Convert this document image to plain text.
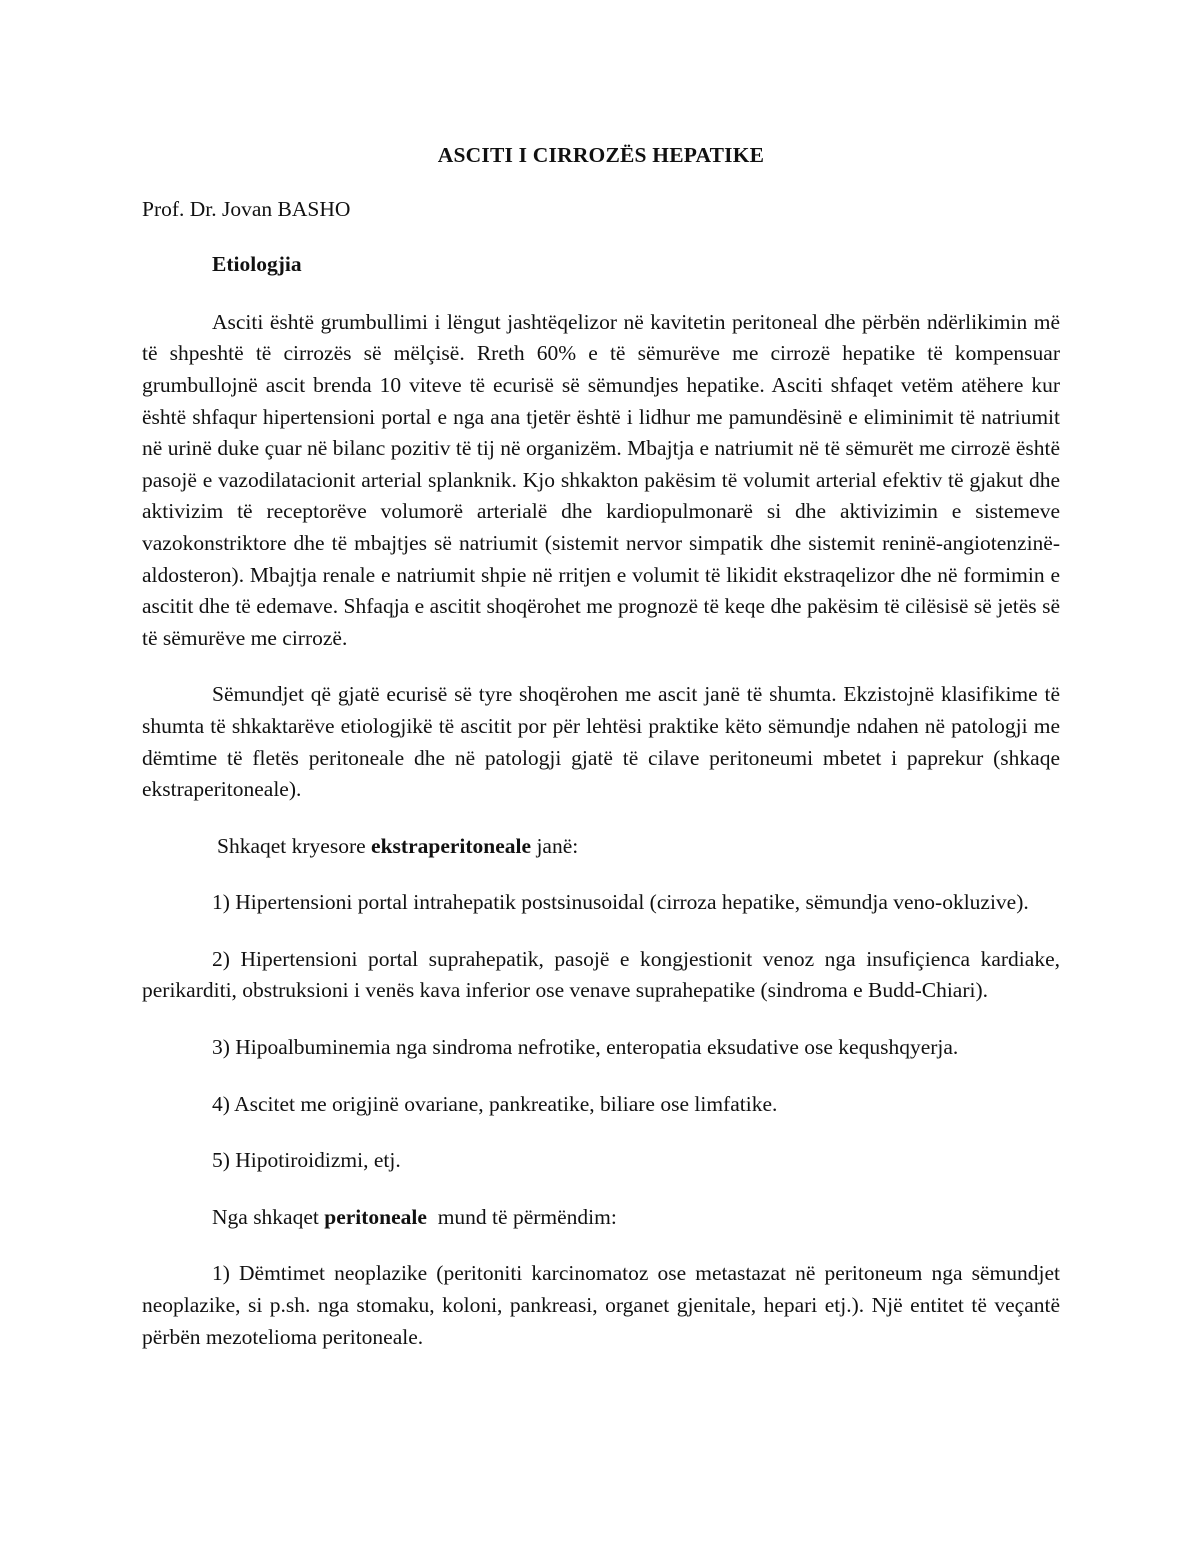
ASCITI I CIRROZËS HEPATIKE
Prof. Dr. Jovan BASHO
Etiologjia

Asciti është grumbullimi i lëngut jashtëqelizor në kavitetin peritoneal dhe përbën ndërlikimin më të shpeshtë të cirrozës së mëlçisë. Rreth 60% e të sëmurëve me cirrozë hepatike të kompensuar grumbullojnë ascit brenda 10 viteve të ecurisë së sëmundjes hepatike. Asciti shfaqet vetëm atëhere kur është shfaqur hipertensioni portal e nga ana tjetër është i lidhur me pamundësinë e eliminimit të natriumit në urinë duke çuar në bilanc pozitiv të tij në organizëm. Mbajtja e natriumit në të sëmurët me cirrozë është pasojë e vazodilatacionit arterial splanknik. Kjo shkakton pakësim të volumit arterial efektiv të gjakut dhe aktivizim të receptorëve volumorë arterialë dhe kardiopulmonarë si dhe aktivizimin e sistemeve vazokonstriktore dhe të mbajtjes së natriumit (sistemit nervor simpatik dhe sistemit reninë-angiotenzinë-aldosteron). Mbajtja renale e natriumit shpie në rritjen e volumit të likidit ekstraqelizor dhe në formimin e ascitit dhe të edemave. Shfaqja e ascitit shoqërohet me prognozë të keqe dhe pakësim të cilësisë së jetës së të sëmurëve me cirrozë.

Sëmundjet që gjatë ecurisë së tyre shoqërohen me ascit janë të shumta. Ekzistojnë klasifikime të shumta të shkaktarëve etiologjikë të ascitit por për lehtësi praktike këto sëmundje ndahen në patologji me dëmtime të fletës peritoneale dhe në patologji gjatë të cilave peritoneumi mbetet i paprekur (shkaqe ekstraperitoneale).

Shkaqet kryesore ekstraperitoneale janë:

1) Hipertensioni portal intrahepatik postsinusoidal (cirroza hepatike, sëmundja veno-okluzive).

2) Hipertensioni portal suprahepatik, pasojë e kongjestionit venoz nga insufiçienca kardiake, perikarditi, obstruksioni i venës kava inferior ose venave suprahepatike (sindroma e Budd-Chiari).

3) Hipoalbuminemia nga sindroma nefrotike, enteropatia eksudative ose kequshqyerja.

4) Ascitet me origjinë ovariane, pankreatike, biliare ose limfatike.

5) Hipotiroidizmi, etj.

Nga shkaqet peritoneale  mund të përmëndim:

1) Dëmtimet neoplazike (peritoniti karcinomatoz ose metastazat në peritoneum nga sëmundjet neoplazike, si p.sh. nga stomaku, koloni, pankreasi, organet gjenitale, hepari etj.). Një entitet të veçantë përbën mezotelioma peritoneale.
